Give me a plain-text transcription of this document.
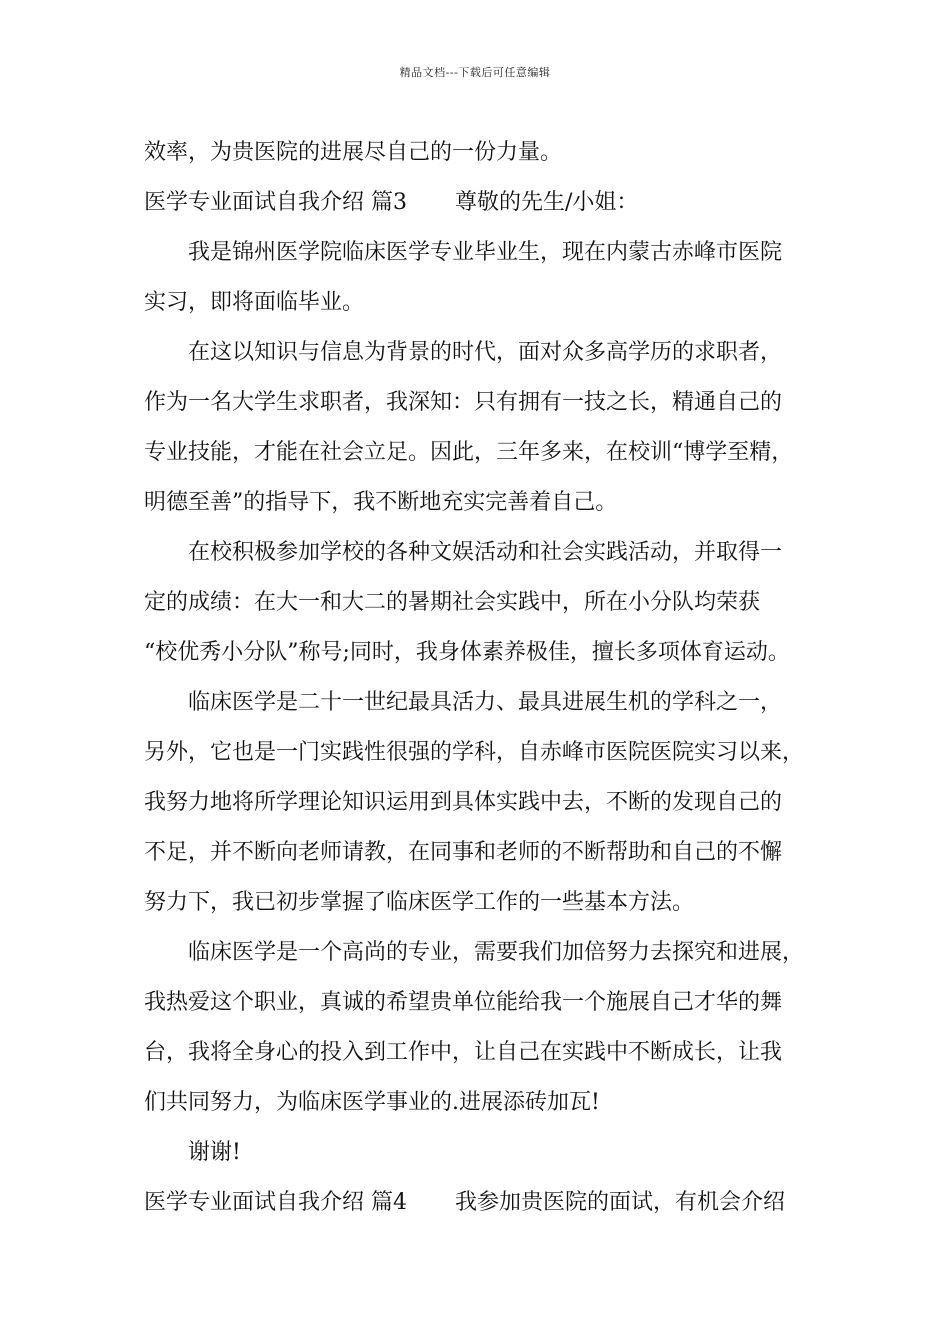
精品文档---下载后可任意编辑
效率，为贵医院的进展尽自己的一份力量。
医学专业面试自我介绍 篇3 尊敬的先生/小姐：
我是锦州医学院临床医学专业毕业生，现在内蒙古赤峰市医院
实习，即将面临毕业。
在这以知识与信息为背景的时代，面对众多高学历的求职者，
作为一名大学生求职者，我深知：只有拥有一技之长，精通自己的
专业技能，才能在社会立足。因此，三年多来，在校训“博学至精，
明德至善”的指导下，我不断地充实完善着自己。
在校积极参加学校的各种文娱活动和社会实践活动，并取得一
定的成绩：在大一和大二的暑期社会实践中，所在小分队均荣获
“校优秀小分队”称号;同时，我身体素养极佳，擅长多项体育运动。
临床医学是二十一世纪最具活力、最具进展生机的学科之一，
另外，它也是一门实践性很强的学科，自赤峰市医院医院实习以来，
我努力地将所学理论知识运用到具体实践中去，不断的发现自己的
不足，并不断向老师请教，在同事和老师的不断帮助和自己的不懈
努力下，我已初步掌握了临床医学工作的一些基本方法。
临床医学是一个高尚的专业，需要我们加倍努力去探究和进展，
我热爱这个职业，真诚的希望贵单位能给我一个施展自己才华的舞
台，我将全身心的投入到工作中，让自己在实践中不断成长，让我
们共同努力，为临床医学事业的.进展添砖加瓦!
谢谢!
医学专业面试自我介绍 篇4 我参加贵医院的面试，有机会介绍
